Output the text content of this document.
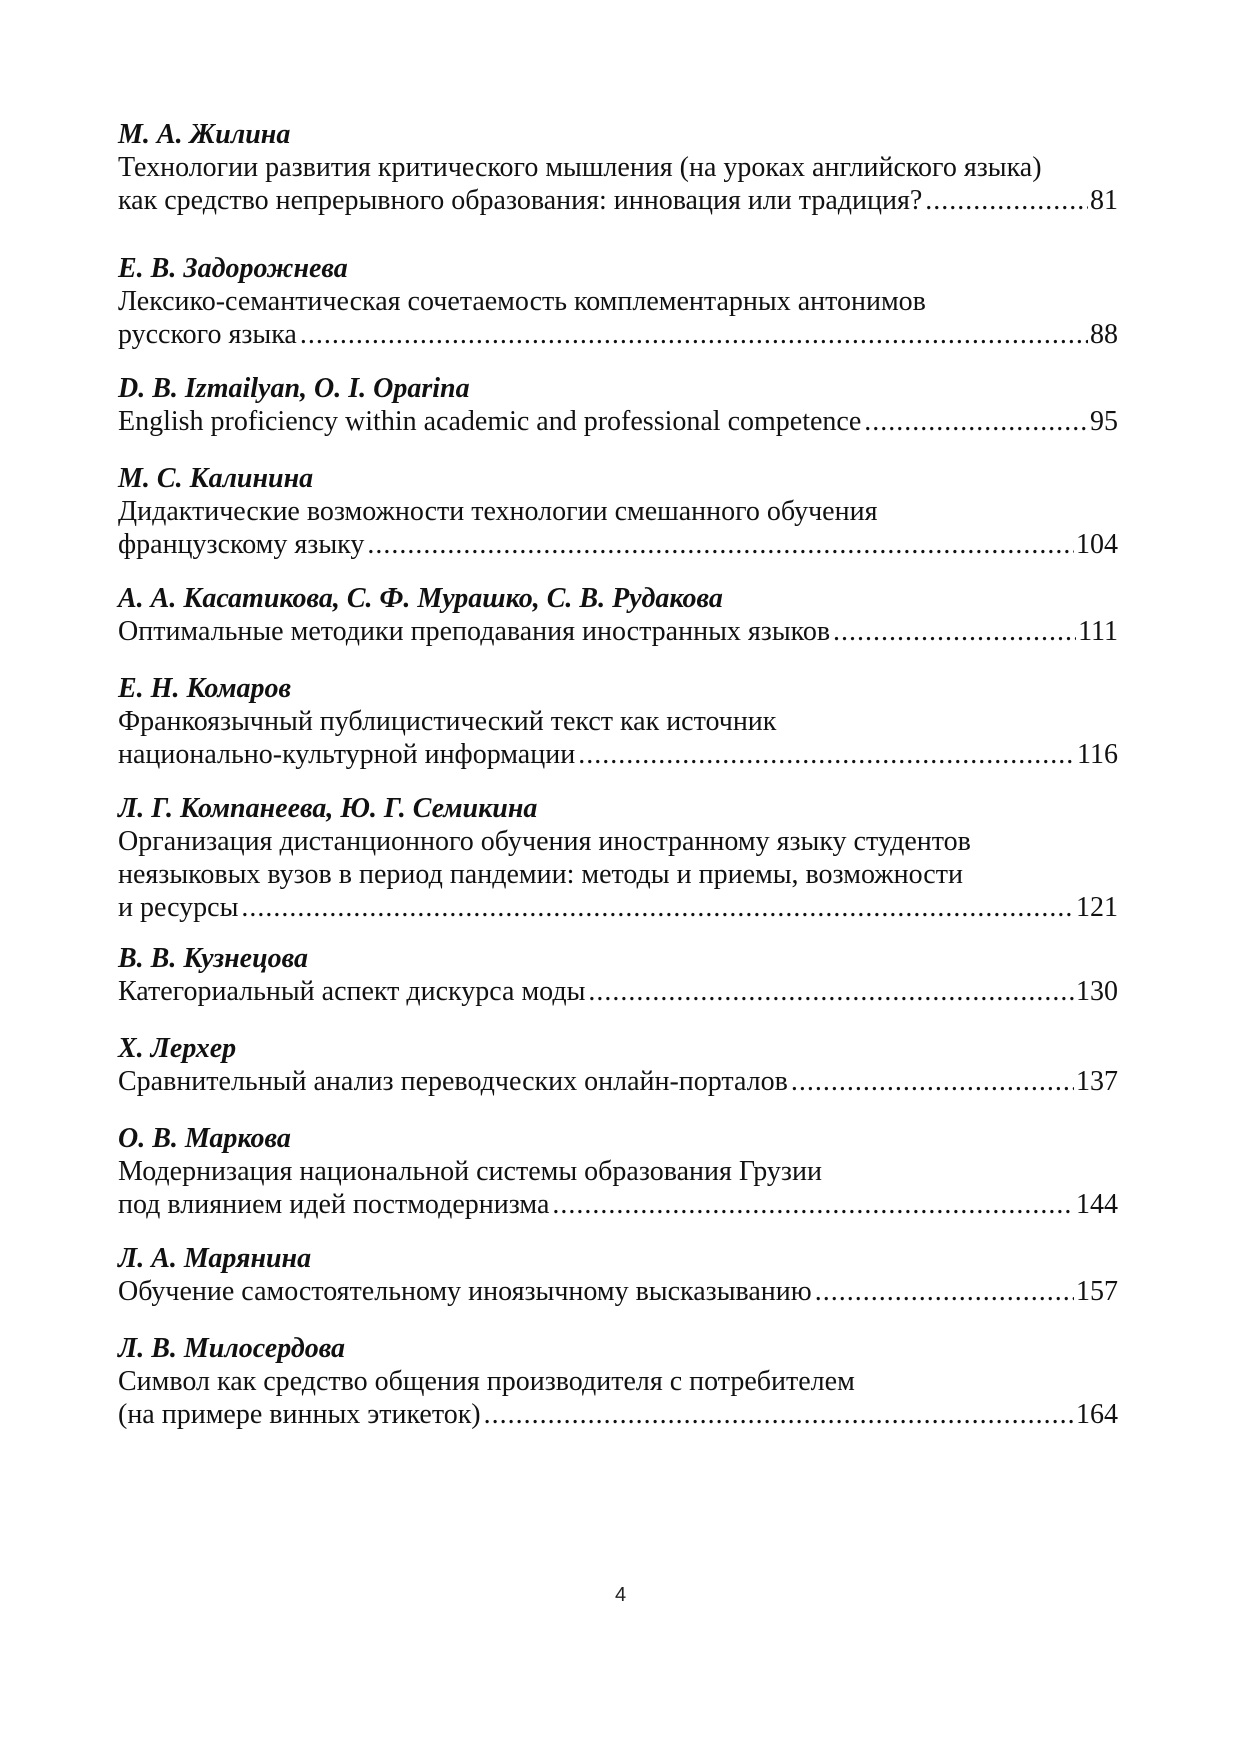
М. А. Жилина
Технологии развития критического мышления (на уроках английского языка)
как средство непрерывного образования: инновация или традиция? .....	81
Е. В. Задорожнева
Лексико-семантическая сочетаемость комплементарных антонимов
русского языка .....	88
D. B. Izmailyan, O. I. Oparina
English proficiency within academic and professional competence .....	95
М. С. Калинина
Дидактические возможности технологии смешанного обучения
французскому языку .....	104
А. А. Касатикова, С. Ф. Мурашко, С. В. Рудакова
Оптимальные методики преподавания иностранных языков .....	111
Е. Н. Комаров
Франкоязычный публицистический текст как источник
национально-культурной информации .....	116
Л. Г. Компанеева, Ю. Г. Семикина
Организация дистанционного обучения иностранному языку студентов
неязыковых вузов в период пандемии: методы и приемы, возможности
и ресурсы .....	121
В. В. Кузнецова
Категориальный аспект дискурса моды .....	130
Х. Лерхер
Сравнительный анализ переводческих онлайн-порталов .....	137
О. В. Маркова
Модернизация национальной системы образования Грузии
под влиянием идей постмодернизма .....	144
Л. А. Марянина
Обучение самостоятельному иноязычному высказыванию .....	157
Л. В. Милосердова
Символ как средство общения производителя с потребителем
(на примере винных этикеток) .....	164
4
